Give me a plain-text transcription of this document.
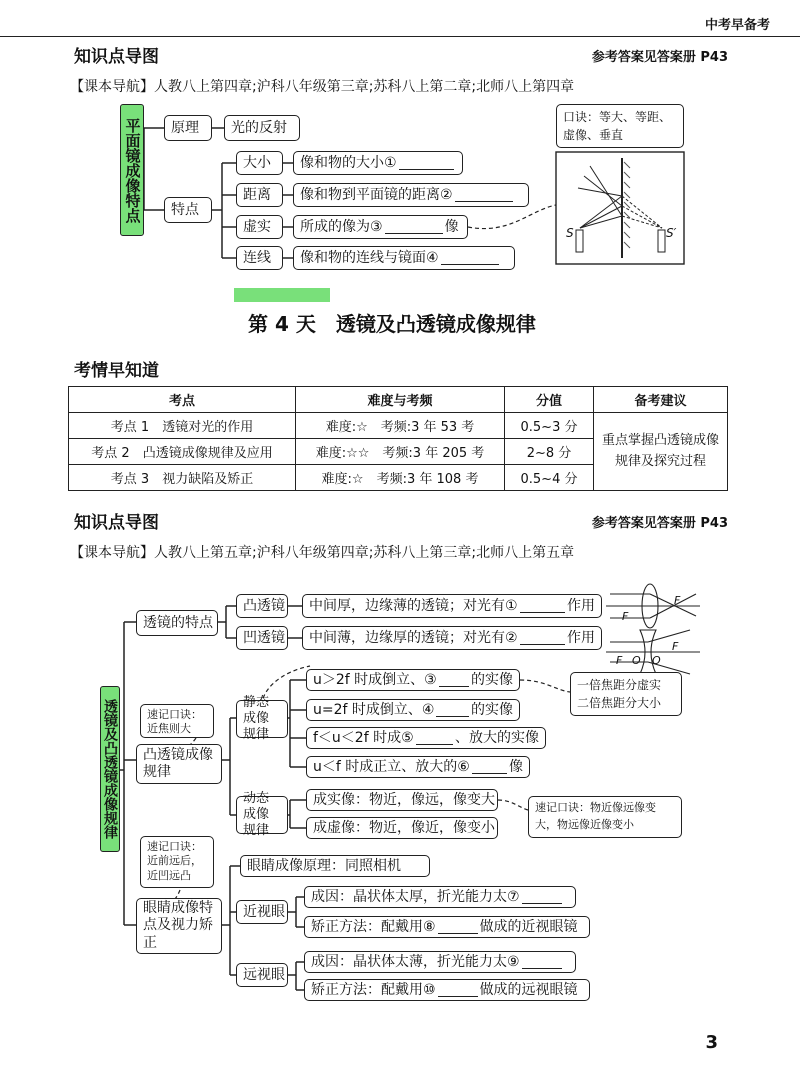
中考早备考
知识点导图	参考答案见答案册 P43
【课本导航】人教八上第四章;沪科八年级第三章;苏科八上第二章;北师八上第四章
平面镜成像特点	原理	光的反射
特点
大小
距离
虚实
连线
像和物的大小①
像和物到平面镜的距离②
所成的像为③	像
像和物的连线与镜面④
口诀：等大、等距、虚像、垂直
S	S′
第 4 天　透镜及凸透镜成像规律
考情早知道
考点	难度与考频	分值	备考建议
考点 1　透镜对光的作用	难度:☆　考频:3 年 53 考	0.5~3 分	重点掌握凸透镜成像规律及探究过程
考点 2　凸透镜成像规律及应用	难度:☆☆　考频:3 年 205 考	2~8 分	
考点 3　视力缺陷及矫正	难度:☆　考频:3 年 108 考	0.5~4 分	
知识点导图	参考答案见答案册 P43
【课本导航】人教八上第五章;沪科八年级第四章;苏科八上第三章;北师八上第五章
透镜及凸透镜成像规律
透镜的特点
凸透镜
凹透镜
中间厚，边缘薄的透镜；对光有①	作用
中间薄，边缘厚的透镜；对光有②	作用
F
F
F O O
F
速记口诀：近焦则大
凸透镜成像规律
静态成像规律
动态成像规律
u＞2f 时成倒立、③ 的实像
u=2f 时成倒立、④	的实像
f＜u＜2f 时成⑤	、放大的实像
u＜f 时成正立、放大的⑥	像
一倍焦距分虚实
二倍焦距分大小
成实像：物近，像远，像变大
成虚像：物近，像近，像变小
速记口诀：物近像远像变大，物远像近像变小
速记口诀：近前远后，近凹远凸
眼睛成像特点及视力矫正
眼睛成像原理：同照相机
近视眼
成因：晶状体太厚，折光能力太⑦
矫正方法：配戴用⑧	做成的近视眼镜
远视眼
成因：晶状体太薄，折光能力太⑨
矫正方法：配戴用⑩	做成的远视眼镜
3
